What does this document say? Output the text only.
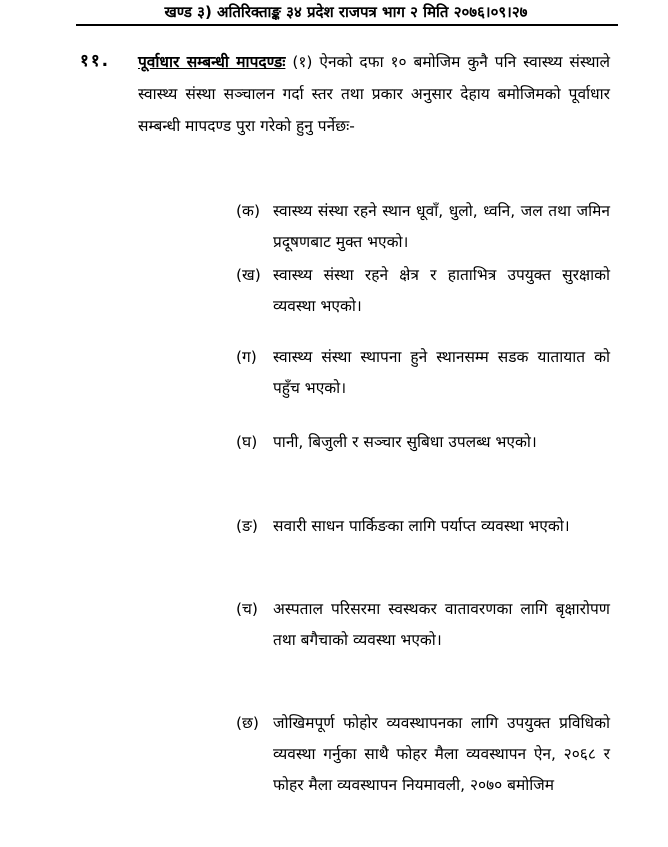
खण्ड ३) अतिरिक्ताङ्क ३४ प्रदेश राजपत्र भाग २ मिति २०७६।०९।२७
११. पूर्वाधार सम्बन्धी मापदण्डः (१) ऐनको दफा १० बमोजिम कुनै पनि स्वास्थ्य संस्थाले स्वास्थ्य संस्था सञ्चालन गर्दा स्तर तथा प्रकार अनुसार देहाय बमोजिमको पूर्वाधार सम्बन्धी मापदण्ड पुरा गरेको हुनु पर्नेछः-
(क) स्वास्थ्य संस्था रहने स्थान धूवाँ, धुलो, ध्वनि, जल तथा जमिन प्रदूषणबाट मुक्त भएको।
(ख) स्वास्थ्य संस्था रहने क्षेत्र र हाताभित्र उपयुक्त सुरक्षाको व्यवस्था भएको।
(ग) स्वास्थ्य संस्था स्थापना हुने स्थानसम्म सडक यातायात को पहुँच भएको।
(घ) पानी, बिजुली र सञ्चार सुबिधा उपलब्ध भएको।
(ङ) सवारी साधन पार्किङका लागि पर्याप्त व्यवस्था भएको।
(च) अस्पताल परिसरमा स्वस्थकर वातावरणका लागि बृक्षारोपण तथा बगैचाको व्यवस्था भएको।
(छ) जोखिमपूर्ण फोहोर व्यवस्थापनका लागि उपयुक्त प्रविधिको व्यवस्था गर्नुका साथै फोहर मैला व्यवस्थापन ऐन, २०६८ र फोहर मैला व्यवस्थापन नियमावली, २०७० बमोजिम
